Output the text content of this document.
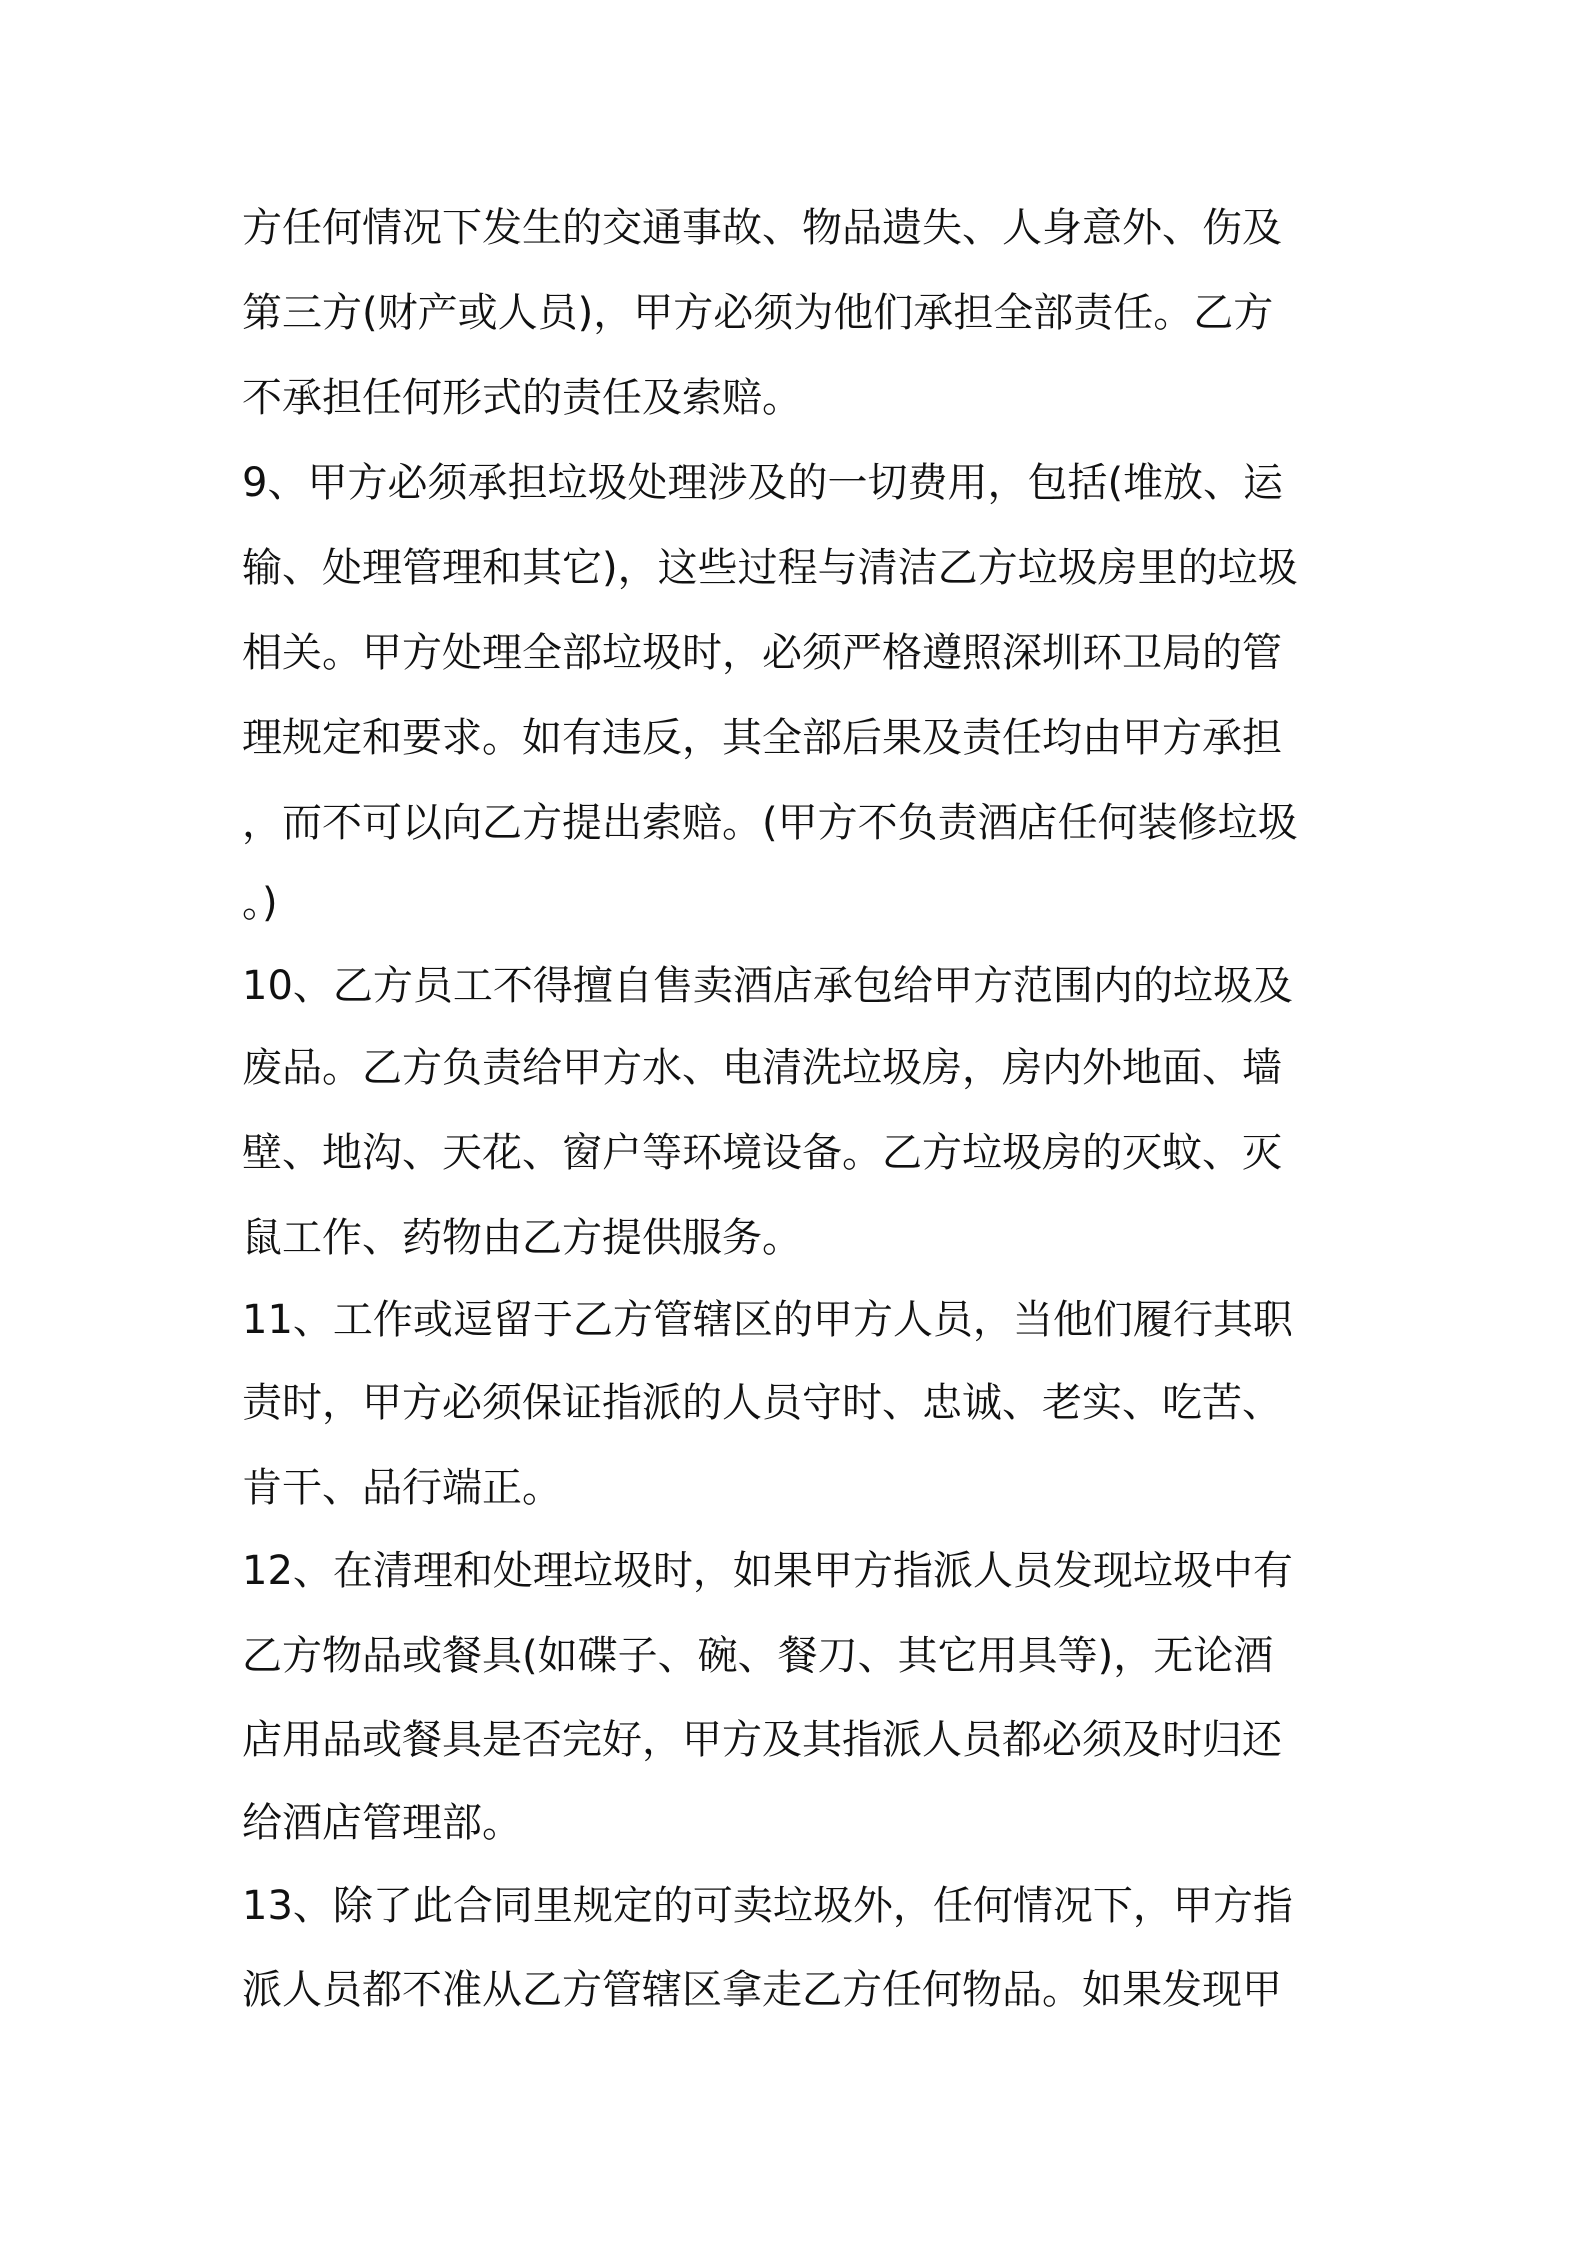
方任何情况下发生的交通事故、物品遗失、人身意外、伤及
第三方(财产或人员)，甲方必须为他们承担全部责任。乙方
不承担任何形式的责任及索赔。
9、甲方必须承担垃圾处理涉及的一切费用，包括(堆放、运
输、处理管理和其它)，这些过程与清洁乙方垃圾房里的垃圾
相关。甲方处理全部垃圾时，必须严格遵照深圳环卫局的管
理规定和要求。如有违反，其全部后果及责任均由甲方承担
，而不可以向乙方提出索赔。(甲方不负责酒店任何装修垃圾
。)
10、乙方员工不得擅自售卖酒店承包给甲方范围内的垃圾及
废品。乙方负责给甲方水、电清洗垃圾房，房内外地面、墙
壁、地沟、天花、窗户等环境设备。乙方垃圾房的灭蚊、灭
鼠工作、药物由乙方提供服务。
11、工作或逗留于乙方管辖区的甲方人员，当他们履行其职
责时，甲方必须保证指派的人员守时、忠诚、老实、吃苦、
肯干、品行端正。
12、在清理和处理垃圾时，如果甲方指派人员发现垃圾中有
乙方物品或餐具(如碟子、碗、餐刀、其它用具等)，无论酒
店用品或餐具是否完好，甲方及其指派人员都必须及时归还
给酒店管理部。
13、除了此合同里规定的可卖垃圾外，任何情况下，甲方指
派人员都不准从乙方管辖区拿走乙方任何物品。如果发现甲
